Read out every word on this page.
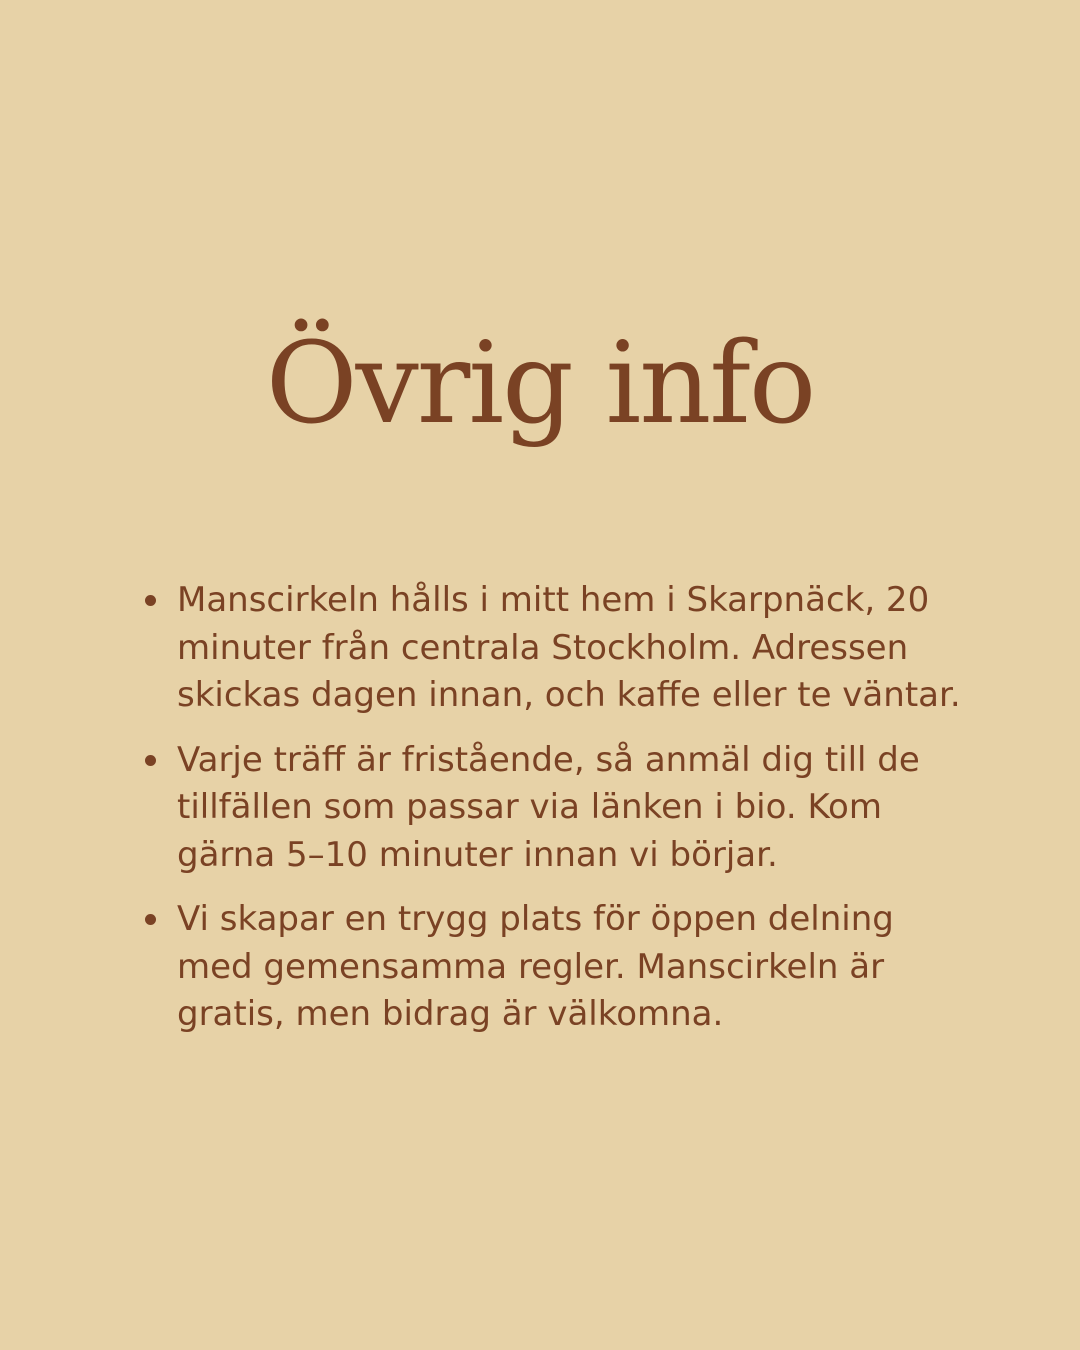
Övrig info
Manscirkeln hålls i mitt hem i Skarpnäck, 20 minuter från centrala Stockholm. Adressen skickas dagen innan, och kaffe eller te väntar.
Varje träff är fristående, så anmäl dig till de tillfällen som passar via länken i bio. Kom gärna 5–10 minuter innan vi börjar.
Vi skapar en trygg plats för öppen delning med gemensamma regler. Manscirkeln är gratis, men bidrag är välkomna.
